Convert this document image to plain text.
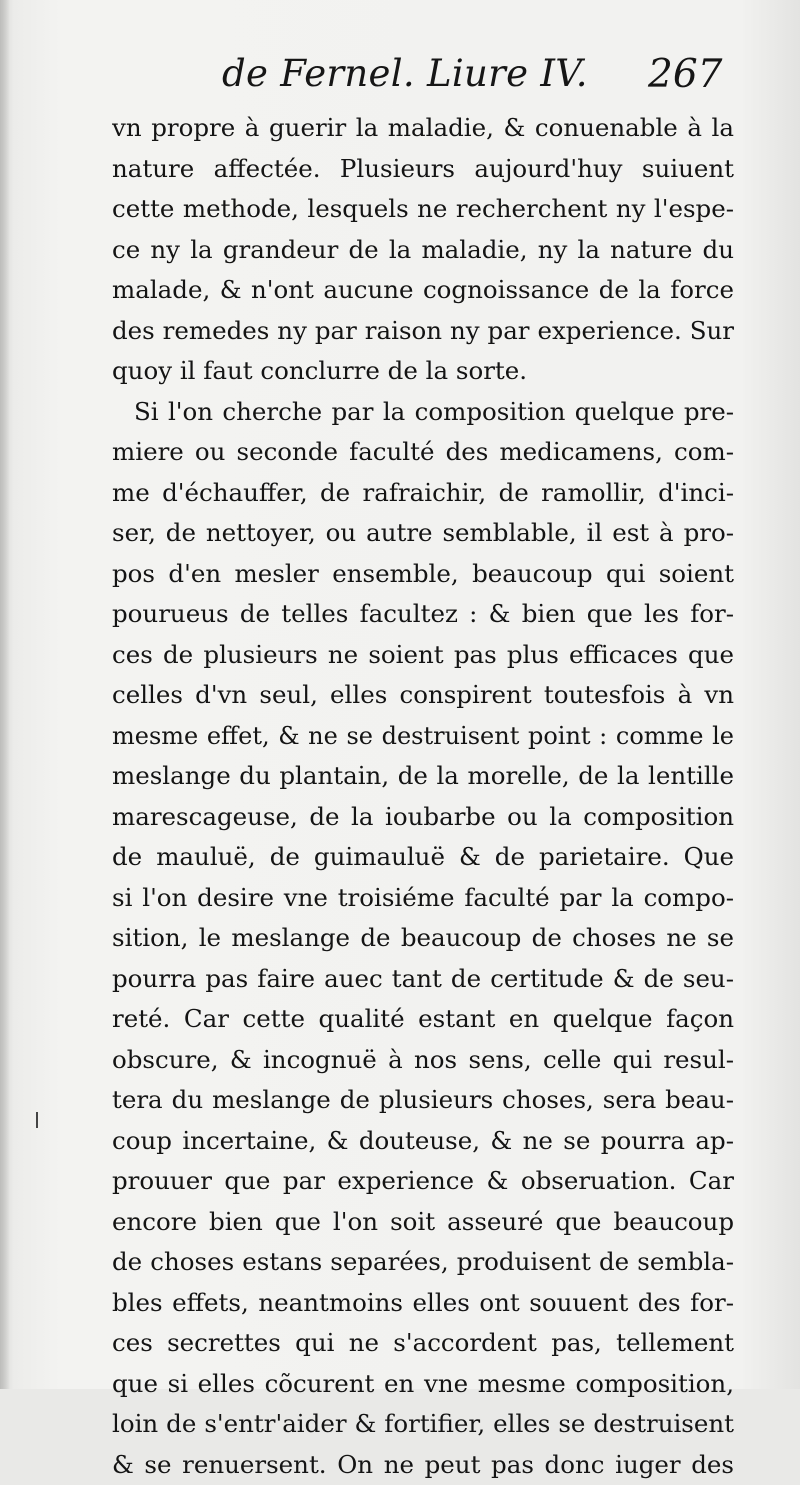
de Fernel. Liure IV. 267
vn propre à guerir la maladie, & conuenable à la
nature affectée. Plusieurs aujourd'huy suiuent
cette methode, lesquels ne recherchent ny l'espe-
ce ny la grandeur de la maladie, ny la nature du
malade, & n'ont aucune cognoissance de la force
des remedes ny par raison ny par experience. Sur
quoy il faut conclurre de la sorte.
Si l'on cherche par la composition quelque pre-
miere ou seconde faculté des medicamens, com-
me d'échauffer, de rafraichir, de ramollir, d'inci-
ser, de nettoyer, ou autre semblable, il est à pro-
pos d'en mesler ensemble, beaucoup qui soient
pourueus de telles facultez : & bien que les for-
ces de plusieurs ne soient pas plus efficaces que
celles d'vn seul, elles conspirent toutesfois à vn
mesme effet, & ne se destruisent point : comme le
meslange du plantain, de la morelle, de la lentille
marescageuse, de la ioubarbe ou la composition
de mauluë, de guimauluë & de parietaire. Que
si l'on desire vne troisiéme faculté par la compo-
sition, le meslange de beaucoup de choses ne se
pourra pas faire auec tant de certitude & de seu-
reté. Car cette qualité estant en quelque façon
obscure, & incognuë à nos sens, celle qui resul-
tera du meslange de plusieurs choses, sera beau-
coup incertaine, & douteuse, & ne se pourra ap-
prouuer que par experience & obseruation. Car
encore bien que l'on soit asseuré que beaucoup
de choses estans separées, produisent de sembla-
bles effets, neantmoins elles ont souuent des for-
ces secrettes qui ne s'accordent pas, tellement
que si elles cõcurent en vne mesme composition,
loin de s'entr'aider & fortifier, elles se destruisent
& se renuersent. On ne peut pas donc iuger des
